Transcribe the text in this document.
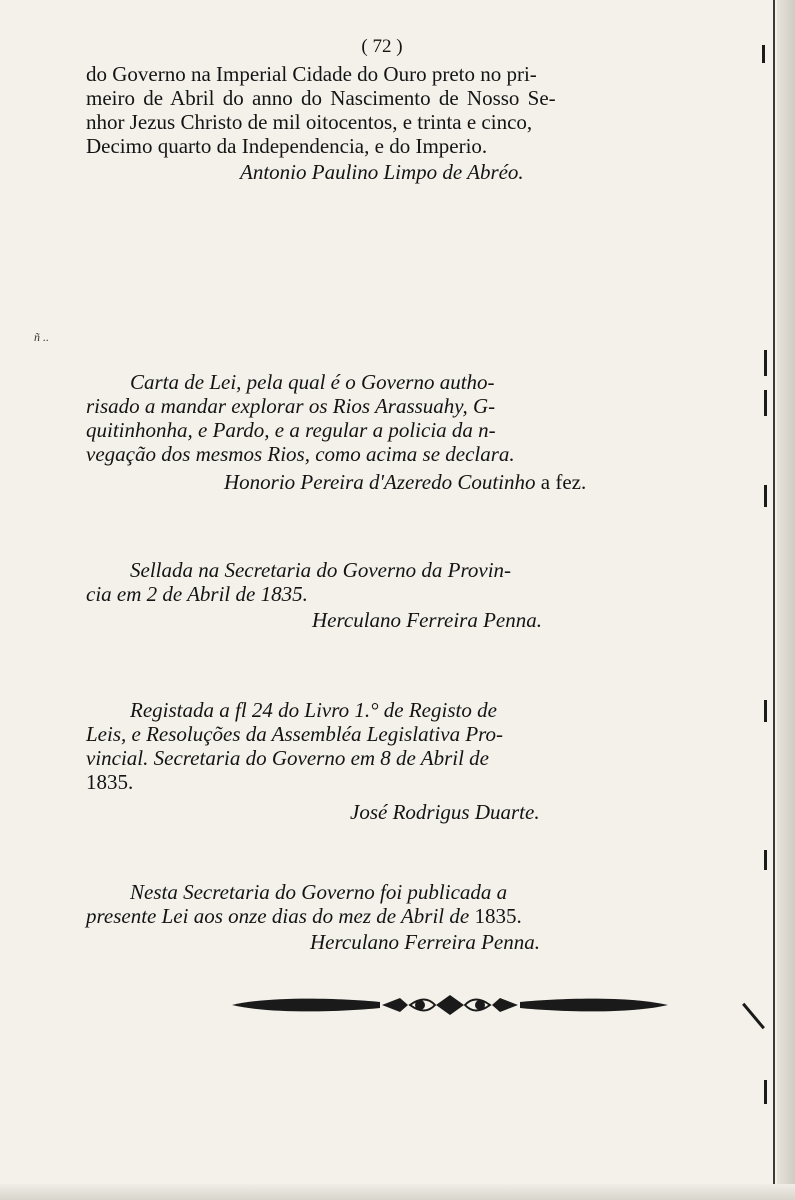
( 72 )
do Governo na Imperial Cidade do Ouro preto no pri-
meiro de Abril do anno do Nascimento de Nosso Se-
nhor Jezus Christo de mil oitocentos, e trinta e cinco,
Decimo quarto da Independencia, e do Imperio.
Antonio Paulino Limpo de Abréo.
ñ ..
Carta de Lei, pela qual é o Governo autho-
risado a mandar explorar os Rios Arassuahy, G-
quitinhonha, e Pardo, e a regular a policia da n-
vegação dos mesmos Rios, como acima se declara.
Honorio Pereira d'Azeredo Coutinho a fez.
Sellada na Secretaria do Governo da Provin-
cia em 2 de Abril de 1835.
Herculano Ferreira Penna.
Registada a fl 24 do Livro 1.° de Registo de
Leis, e Resoluções da Assembléa Legislativa Pro-
vincial. Secretaria do Governo em 8 de Abril de
1835.
José Rodrigus Duarte.
Nesta Secretaria do Governo foi publicada a
presente Lei aos onze dias do mez de Abril de 1835.
Herculano Ferreira Penna.
